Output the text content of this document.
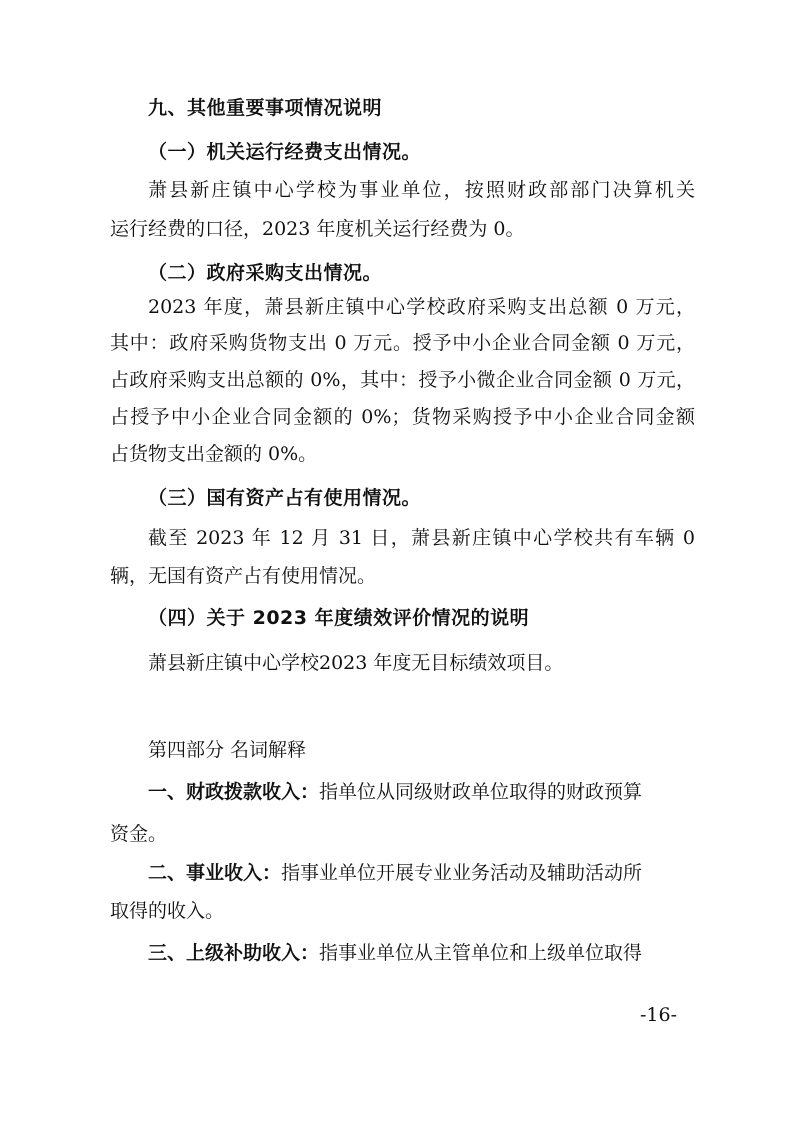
九、其他重要事项情况说明
（一）机关运行经费支出情况。
萧县新庄镇中心学校为事业单位，按照财政部部门决算机关
运行经费的口径，2023 年度机关运行经费为 0。
（二）政府采购支出情况。
2023 年度，萧县新庄镇中心学校政府采购支出总额 0 万元，
其中：政府采购货物支出 0 万元。授予中小企业合同金额 0 万元，
占政府采购支出总额的 0%，其中：授予小微企业合同金额 0 万元，
占授予中小企业合同金额的 0%；货物采购授予中小企业合同金额
占货物支出金额的 0%。
（三）国有资产占有使用情况。
截至 2023 年 12 月 31 日，萧县新庄镇中心学校共有车辆 0
辆，无国有资产占有使用情况。
（四）关于 2023 年度绩效评价情况的说明
萧县新庄镇中心学校2023 年度无目标绩效项目。
第四部分 名词解释
一、财政拨款收入：指单位从同级财政单位取得的财政预算
资金。
二、事业收入：指事业单位开展专业业务活动及辅助活动所
取得的收入。
三、上级补助收入：指事业单位从主管单位和上级单位取得
-16-
